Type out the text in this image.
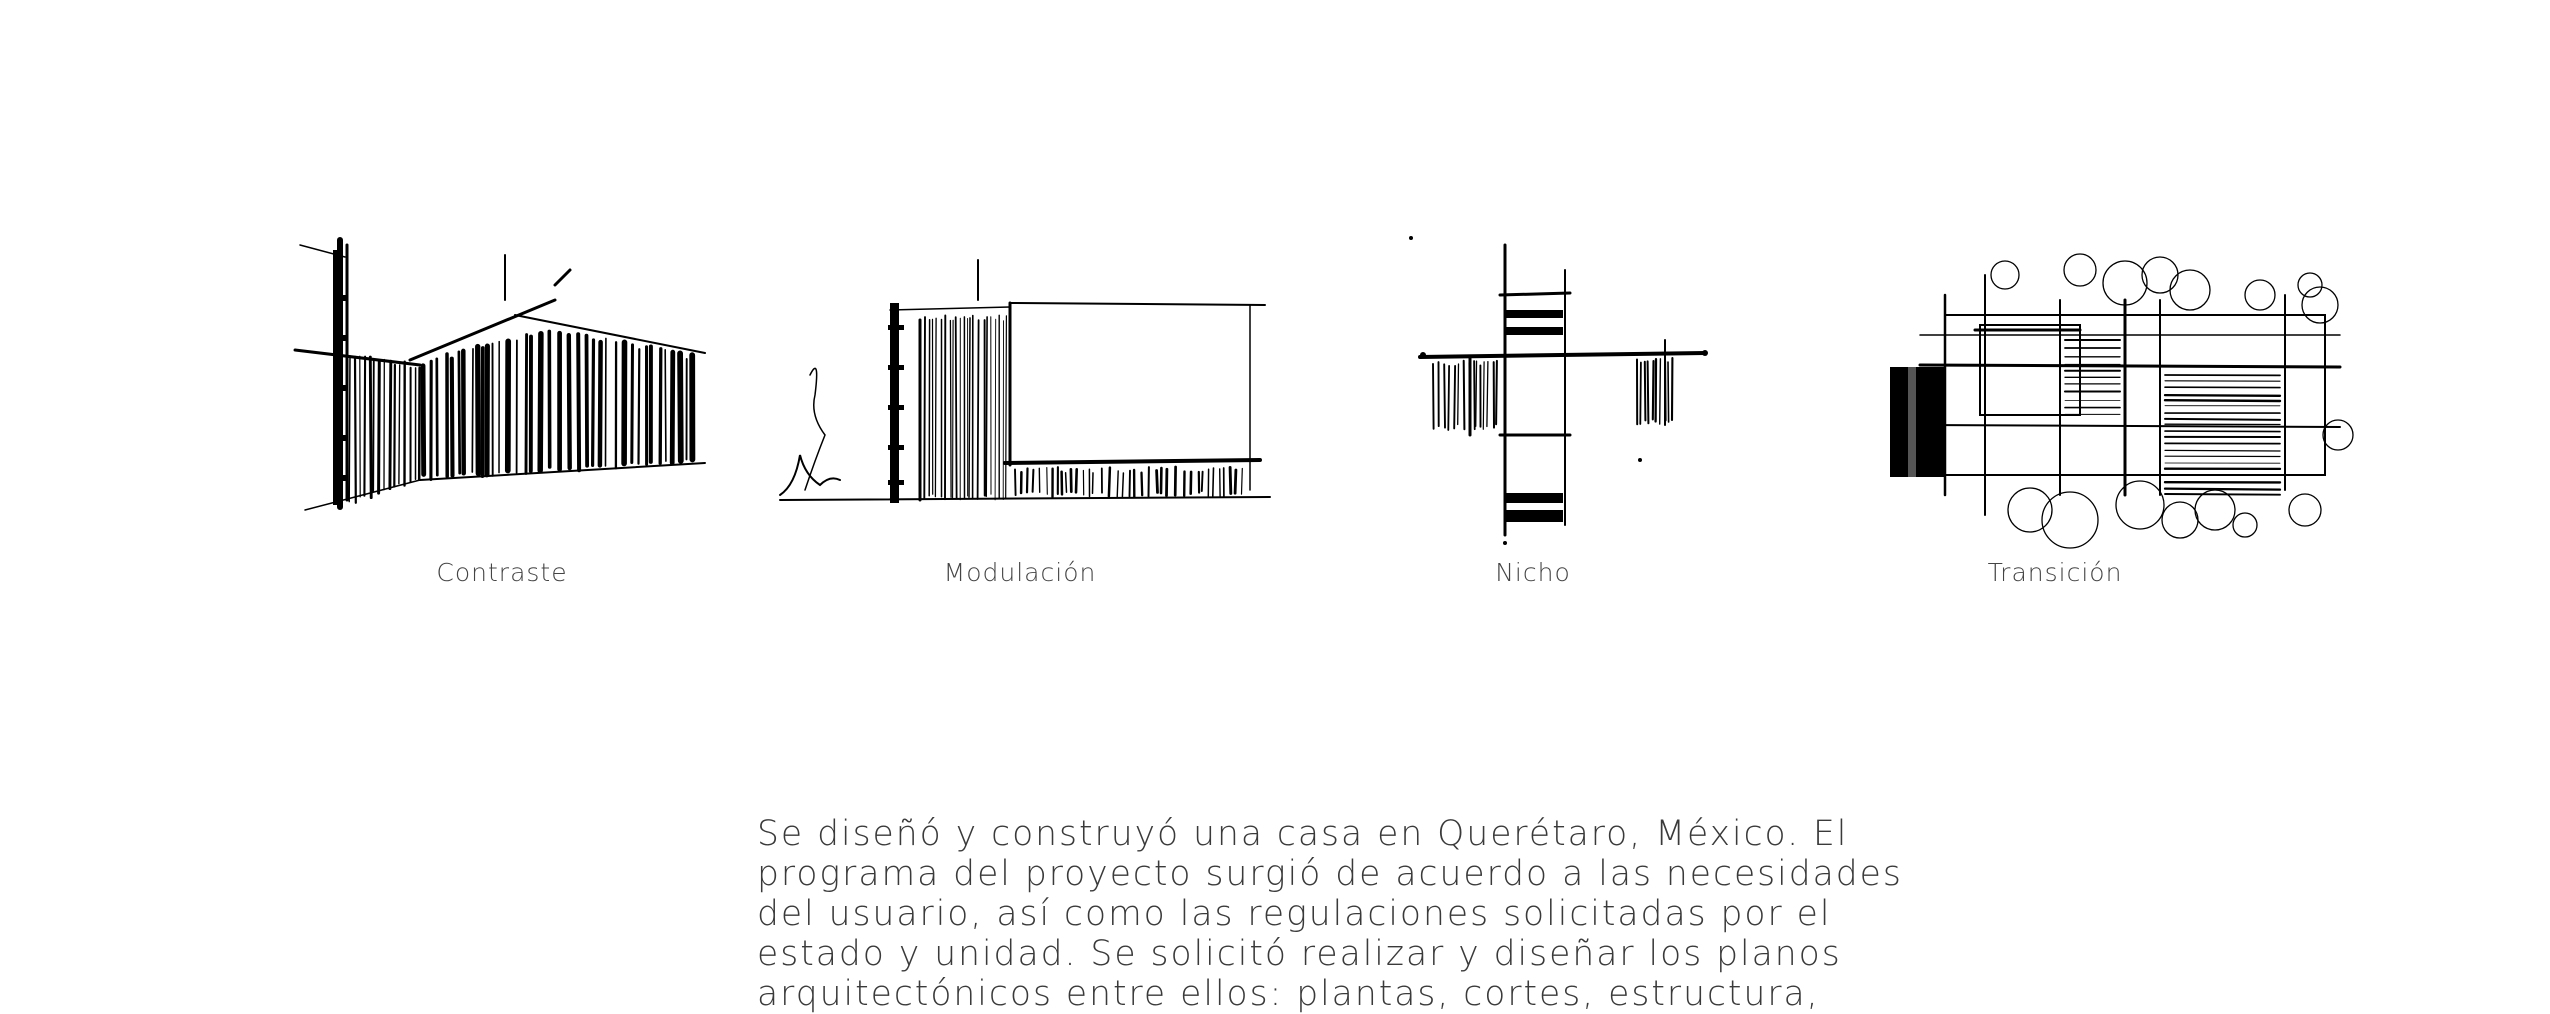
Contraste	Modulación	Nicho	Transición
Se diseñó y construyó una casa en Querétaro, México. El
programa del proyecto surgió de acuerdo a las necesidades
del usuario, así como las regulaciones solicitadas por el
estado y unidad. Se solicitó realizar y diseñar los planos
arquitectónicos entre ellos: plantas, cortes, estructura,
